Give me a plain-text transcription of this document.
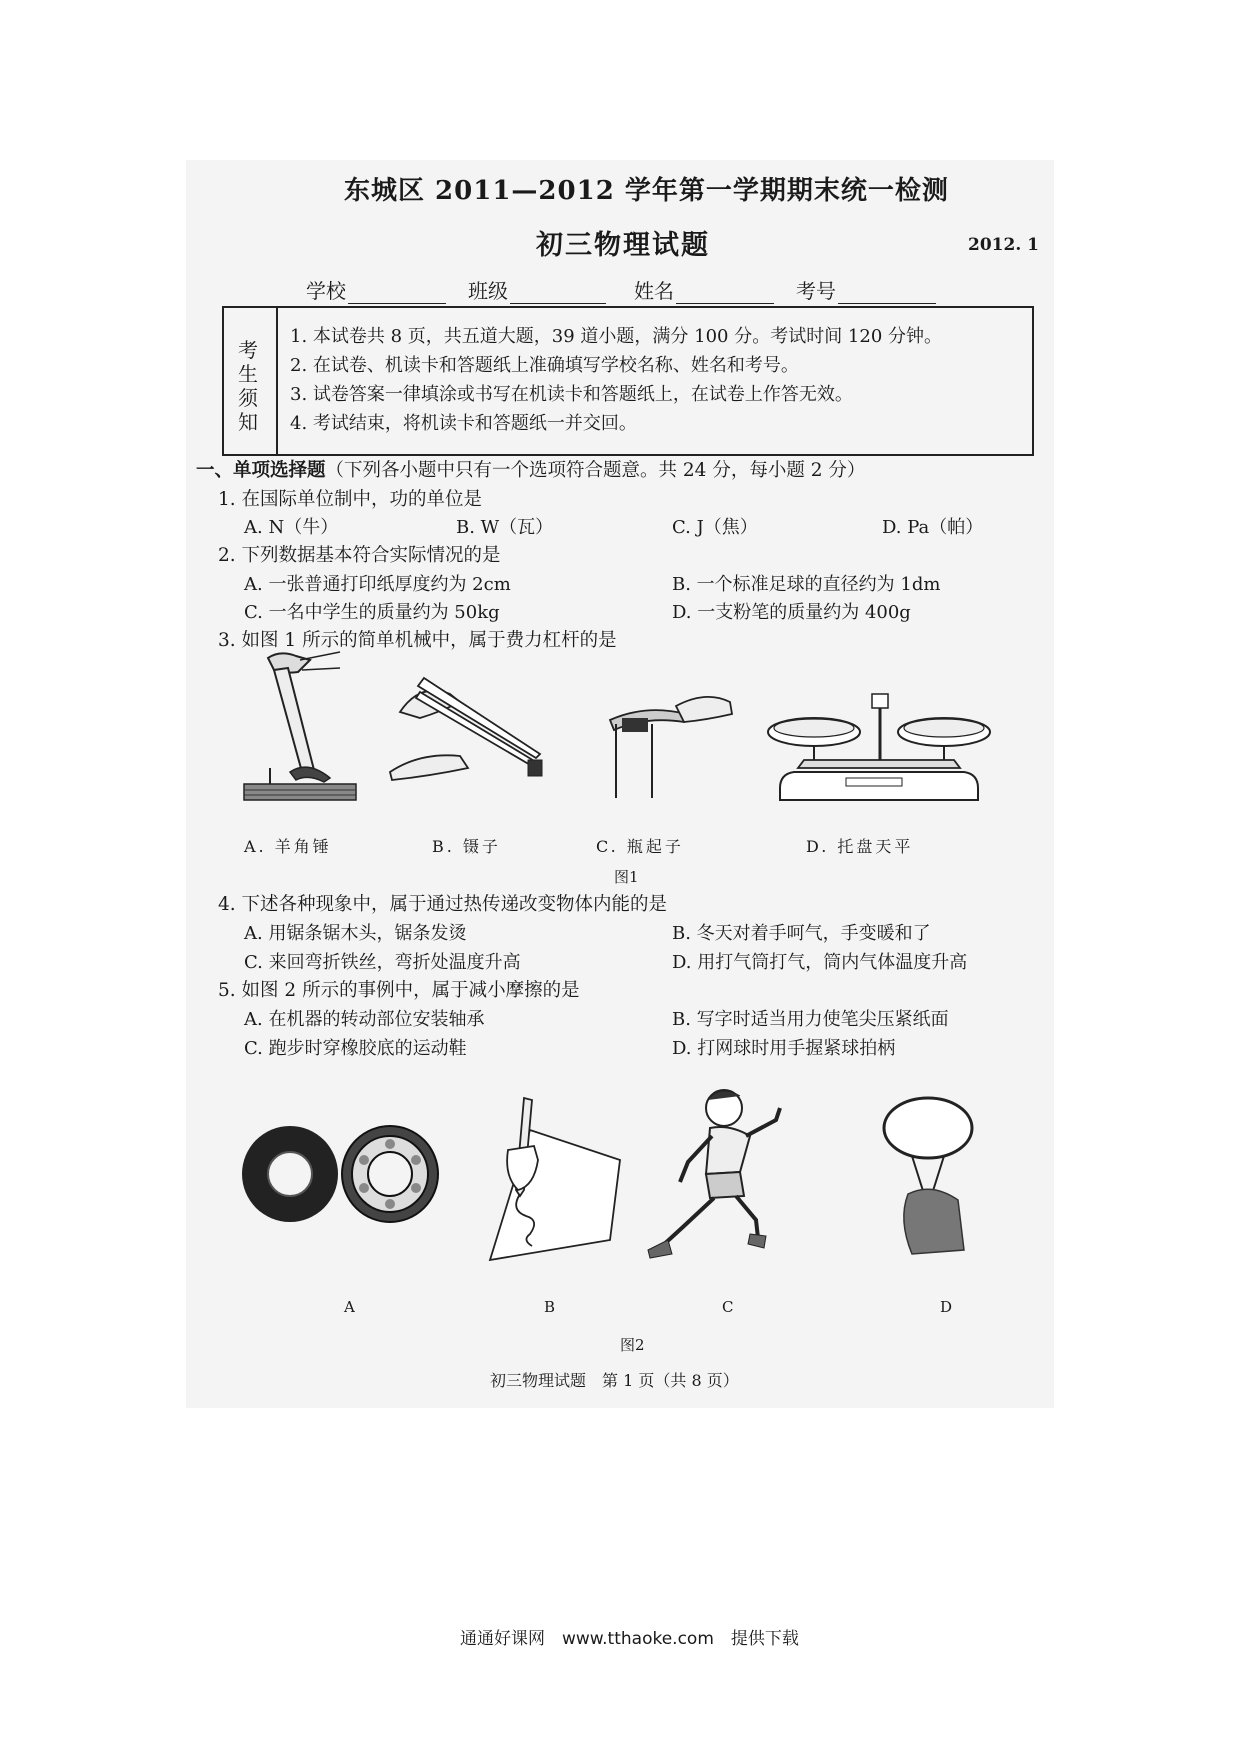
东城区 2011—2012 学年第一学期期末统一检测
初三物理试题	2012. 1
学校	班级	姓名	考号
考
生
须
知
1. 本试卷共 8 页，共五道大题，39 道小题，满分 100 分。考试时间 120 分钟。
2. 在试卷、机读卡和答题纸上准确填写学校名称、姓名和考号。
3. 试卷答案一律填涂或书写在机读卡和答题纸上，在试卷上作答无效。
4. 考试结束，将机读卡和答题纸一并交回。
一、单项选择题（下列各小题中只有一个选项符合题意。共 24 分，每小题 2 分）
1. 在国际单位制中，功的单位是
A. N（牛）	B. W（瓦）	C. J（焦）	D. Pa（帕）
2. 下列数据基本符合实际情况的是
A. 一张普通打印纸厚度约为 2cm	B. 一个标准足球的直径约为 1dm
C. 一名中学生的质量约为 50kg	D. 一支粉笔的质量约为 400g
3. 如图 1 所示的简单机械中，属于费力杠杆的是
A. 羊角锤	B. 镊子	C. 瓶起子	D. 托盘天平
图1
4. 下述各种现象中，属于通过热传递改变物体内能的是
A. 用锯条锯木头，锯条发烫	B. 冬天对着手呵气，手变暖和了
C. 来回弯折铁丝，弯折处温度升高	D. 用打气筒打气，筒内气体温度升高
5. 如图 2 所示的事例中，属于减小摩擦的是
A. 在机器的转动部位安装轴承	B. 写字时适当用力使笔尖压紧纸面
C. 跑步时穿橡胶底的运动鞋	D. 打网球时用手握紧球拍柄
A	B	C	D
图2
初三物理试题　第 1 页（共 8 页）
通通好课网　www.tthaoke.com　提供下载
